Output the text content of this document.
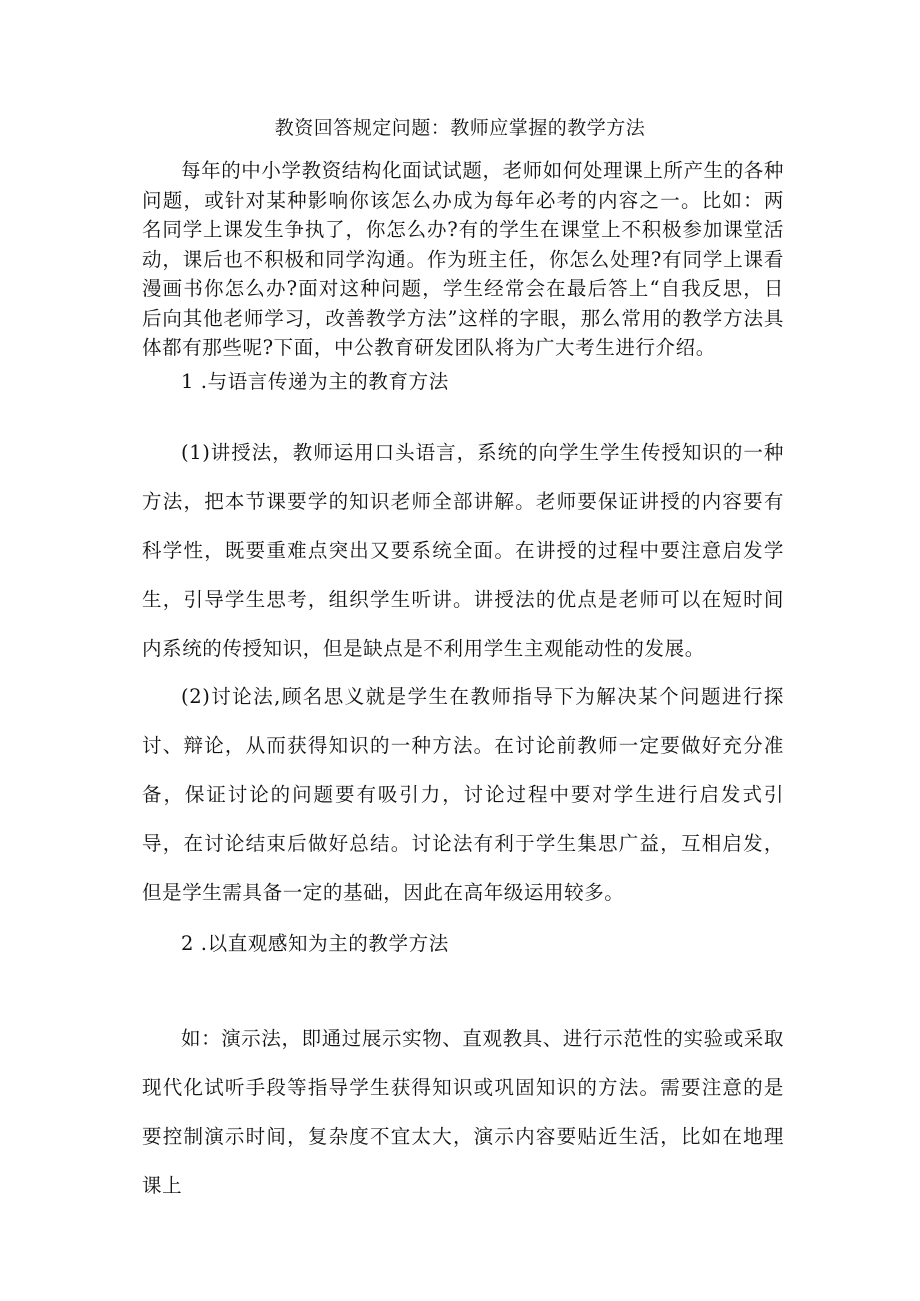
教资回答规定问题：教师应掌握的教学方法

每年的中小学教资结构化面试试题，老师如何处理课上所产生的各种问题，或针对某种影响你该怎么办成为每年必考的内容之一。比如：两名同学上课发生争执了，你怎么办?有的学生在课堂上不积极参加课堂活动，课后也不积极和同学沟通。作为班主任，你怎么处理?有同学上课看漫画书你怎么办?面对这种问题，学生经常会在最后答上“自我反思，日后向其他老师学习，改善教学方法”这样的字眼，那么常用的教学方法具体都有那些呢?下面，中公教育研发团队将为广大考生进行介绍。

1 .与语言传递为主的教育方法

(1)讲授法，教师运用口头语言，系统的向学生学生传授知识的一种方法，把本节课要学的知识老师全部讲解。老师要保证讲授的内容要有科学性，既要重难点突出又要系统全面。在讲授的过程中要注意启发学生，引导学生思考，组织学生听讲。讲授法的优点是老师可以在短时间内系统的传授知识，但是缺点是不利用学生主观能动性的发展。

(2)讨论法,顾名思义就是学生在教师指导下为解决某个问题进行探讨、辩论，从而获得知识的一种方法。在讨论前教师一定要做好充分准备，保证讨论的问题要有吸引力，讨论过程中要对学生进行启发式引导，在讨论结束后做好总结。讨论法有利于学生集思广益，互相启发，但是学生需具备一定的基础，因此在高年级运用较多。

2 .以直观感知为主的教学方法

如：演示法，即通过展示实物、直观教具、进行示范性的实验或采取现代化试听手段等指导学生获得知识或巩固知识的方法。需要注意的是要控制演示时间，复杂度不宜太大，演示内容要贴近生活，比如在地理课上
